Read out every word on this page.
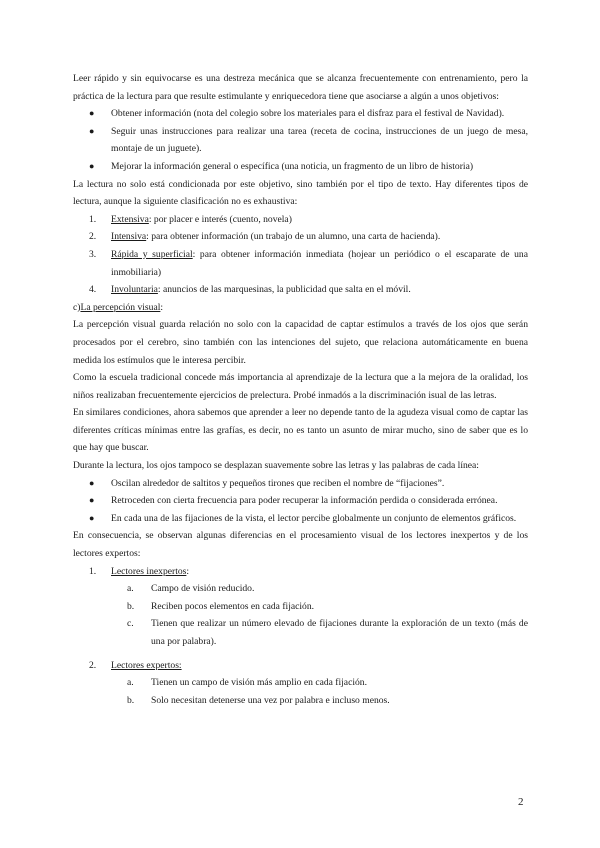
Leer rápido y sin equivocarse es una destreza mecánica que se alcanza frecuentemente con entrenamiento, pero la práctica de la lectura para que resulte estimulante y enriquecedora tiene que asociarse a algún a unos objetivos:

● Obtener información (nota del colegio sobre los materiales para el disfraz para el festival de Navidad).
● Seguir unas instrucciones para realizar una tarea (receta de cocina, instrucciones de un juego de mesa, montaje de un juguete).
● Mejorar la información general o específica (una noticia, un fragmento de un libro de historia)

La lectura no solo está condicionada por este objetivo, sino también por el tipo de texto. Hay diferentes tipos de lectura, aunque la siguiente clasificación no es exhaustiva:

1. Extensiva: por placer e interés (cuento, novela)
2. Intensiva: para obtener información (un trabajo de un alumno, una carta de hacienda).
3. Rápida y superficial: para obtener información inmediata (hojear un periódico o el escaparate de una inmobiliaria)
4. Involuntaria: anuncios de las marquesinas, la publicidad que salta en el móvil.

c)La percepción visual:

La percepción visual guarda relación no solo con la capacidad de captar estímulos a través de los ojos que serán procesados por el cerebro, sino también con las intenciones del sujeto, que relaciona automáticamente en buena medida los estímulos que le interesa percibir.

Como la escuela tradicional concede más importancia al aprendizaje de la lectura que a la mejora de la oralidad, los niños realizaban frecuentemente ejercicios de prelectura. Probé inmadós a la discriminación isual de las letras.

En similares condiciones, ahora sabemos que aprender a leer no depende tanto de la agudeza visual como de captar las diferentes críticas mínimas entre las grafías, es decir, no es tanto un asunto de mirar mucho, sino de saber que es lo que hay que buscar.

Durante la lectura, los ojos tampoco se desplazan suavemente sobre las letras y las palabras de cada línea:

● Oscilan alrededor de saltitos y pequeños tirones que reciben el nombre de “fijaciones”.
● Retroceden con cierta frecuencia para poder recuperar la información perdida o considerada errónea.
● En cada una de las fijaciones de la vista, el lector percibe globalmente un conjunto de elementos gráficos.

En consecuencia, se observan algunas diferencias en el procesamiento visual de los lectores inexpertos y de los lectores expertos:

1. Lectores inexpertos:
a. Campo de visión reducido.
b. Reciben pocos elementos en cada fijación.
c. Tienen que realizar un número elevado de fijaciones durante la exploración de un texto (más de una por palabra).
2. Lectores expertos:
a. Tienen un campo de visión más amplio en cada fijación.
b. Solo necesitan detenerse una vez por palabra e incluso menos.
2
